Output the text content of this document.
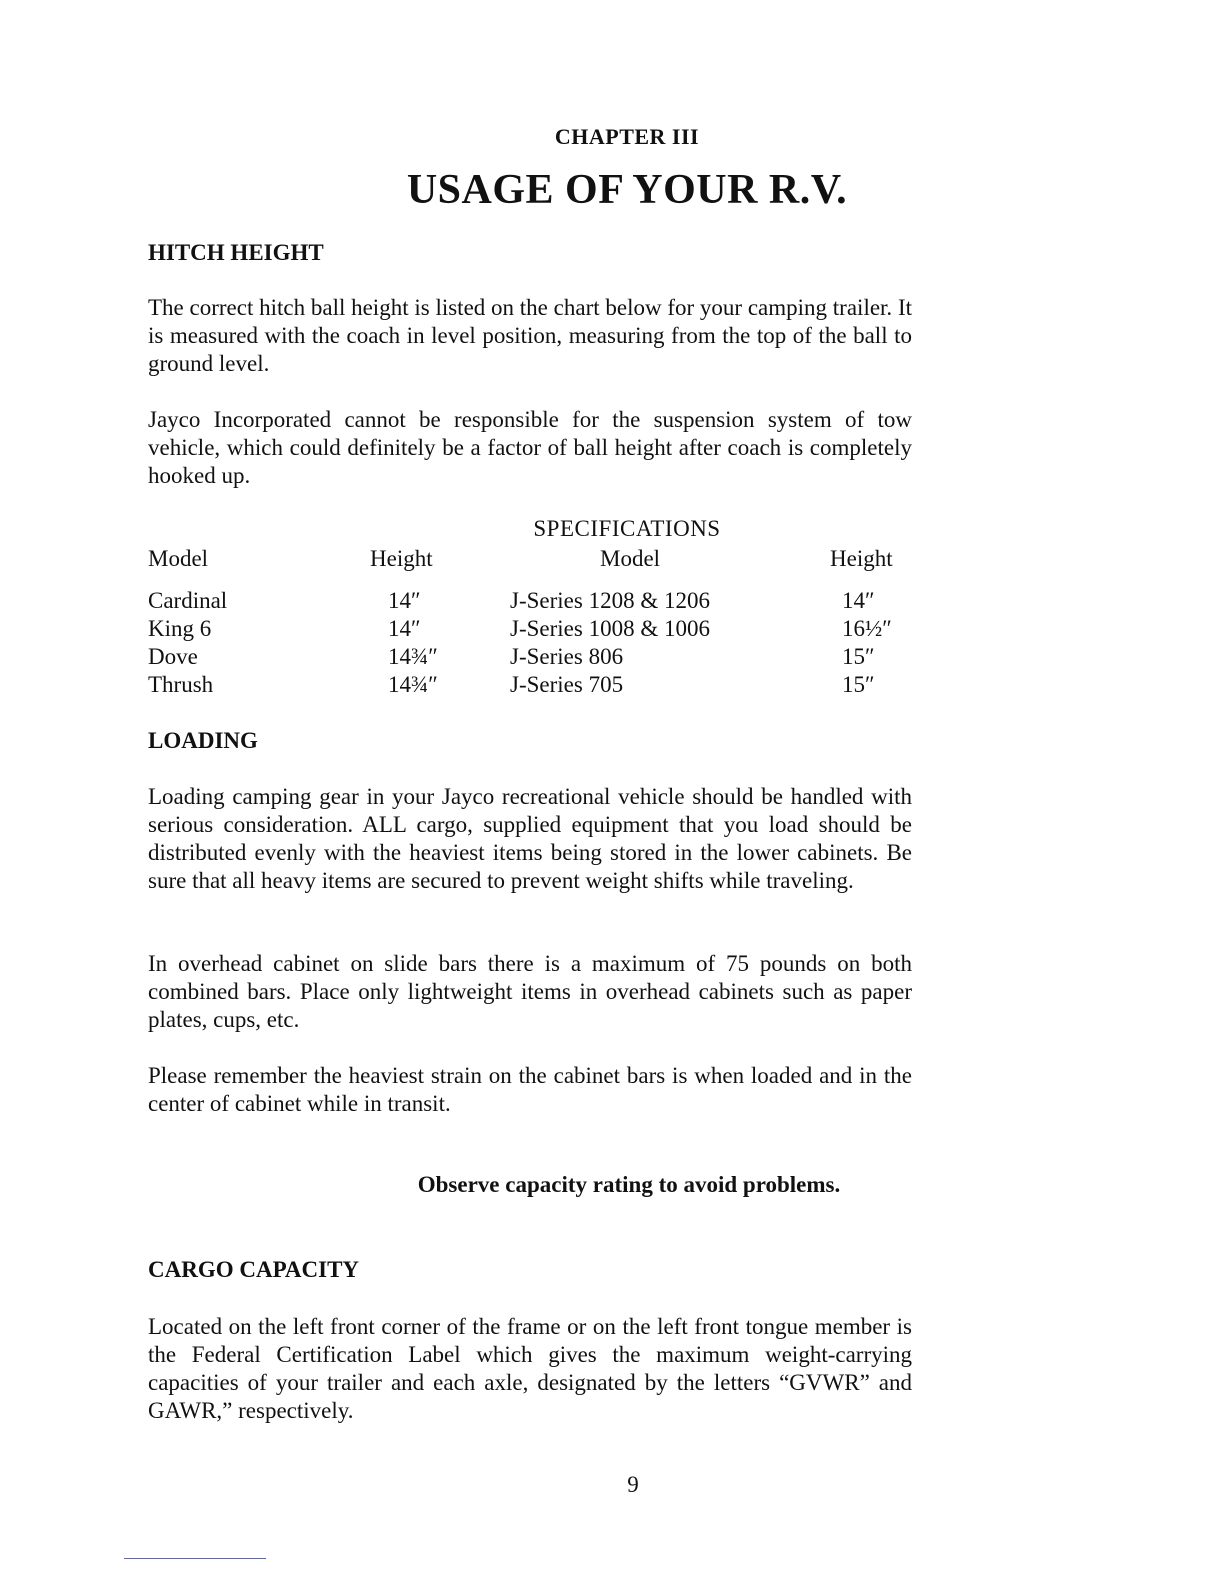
CHAPTER III
USAGE OF YOUR R.V.
HITCH HEIGHT
The correct hitch ball height is listed on the chart below for your camping trailer. It is measured with the coach in level position, measuring from the top of the ball to ground level.
Jayco Incorporated cannot be responsible for the suspension system of tow vehicle, which could definitely be a factor of ball height after coach is completely hooked up.
SPECIFICATIONS
Model	Height	Model	Height
Cardinal	14″	J-Series 1208 & 1206	14″
King 6	14″	J-Series 1008 & 1006	16½″
Dove	14¾″	J-Series 806	15″
Thrush	14¾″	J-Series 705	15″
LOADING
Loading camping gear in your Jayco recreational vehicle should be handled with serious consideration. ALL cargo, supplied equipment that you load should be distributed evenly with the heaviest items being stored in the lower cabinets. Be sure that all heavy items are secured to prevent weight shifts while traveling.
In overhead cabinet on slide bars there is a maximum of 75 pounds on both combined bars. Place only lightweight items in overhead cabinets such as paper plates, cups, etc.
Please remember the heaviest strain on the cabinet bars is when loaded and in the center of cabinet while in transit.
Observe capacity rating to avoid problems.
CARGO CAPACITY
Located on the left front corner of the frame or on the left front tongue member is the Federal Certification Label which gives the maximum weight-carrying capacities of your trailer and each axle, designated by the letters “GVWR” and GAWR,” respectively.
9
